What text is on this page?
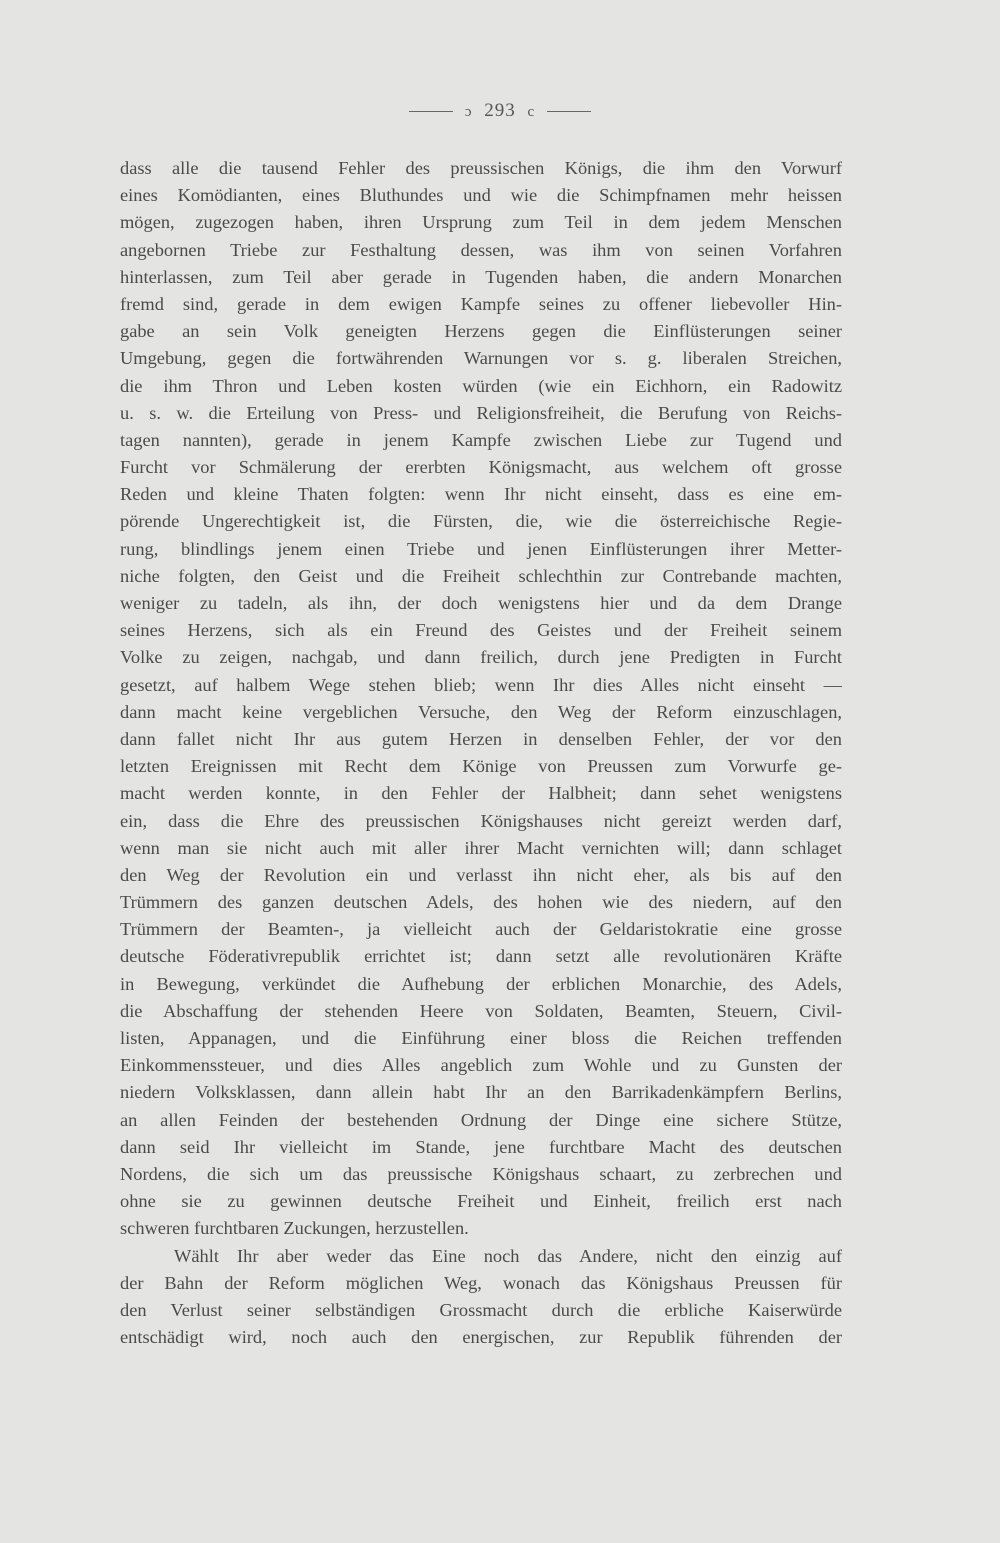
ɔ 293 c
dass alle die tausend Fehler des preussischen Königs, die ihm den Vorwurf
eines Komödianten, eines Bluthundes und wie die Schimpfnamen mehr heissen
mögen, zugezogen haben, ihren Ursprung zum Teil in dem jedem Menschen
angebornen Triebe zur Festhaltung dessen, was ihm von seinen Vorfahren
hinterlassen, zum Teil aber gerade in Tugenden haben, die andern Monarchen
fremd sind, gerade in dem ewigen Kampfe seines zu offener liebevoller Hin-
gabe an sein Volk geneigten Herzens gegen die Einflüsterungen seiner
Umgebung, gegen die fortwährenden Warnungen vor s. g. liberalen Streichen,
die ihm Thron und Leben kosten würden (wie ein Eichhorn, ein Radowitz
u. s. w. die Erteilung von Press- und Religionsfreiheit, die Berufung von Reichs-
tagen nannten), gerade in jenem Kampfe zwischen Liebe zur Tugend und
Furcht vor Schmälerung der ererbten Königsmacht, aus welchem oft grosse
Reden und kleine Thaten folgten: wenn Ihr nicht einseht, dass es eine em-
pörende Ungerechtigkeit ist, die Fürsten, die, wie die österreichische Regie-
rung, blindlings jenem einen Triebe und jenen Einflüsterungen ihrer Metter-
niche folgten, den Geist und die Freiheit schlechthin zur Contrebande machten,
weniger zu tadeln, als ihn, der doch wenigstens hier und da dem Drange
seines Herzens, sich als ein Freund des Geistes und der Freiheit seinem
Volke zu zeigen, nachgab, und dann freilich, durch jene Predigten in Furcht
gesetzt, auf halbem Wege stehen blieb; wenn Ihr dies Alles nicht einseht —
dann macht keine vergeblichen Versuche, den Weg der Reform einzuschlagen,
dann fallet nicht Ihr aus gutem Herzen in denselben Fehler, der vor den
letzten Ereignissen mit Recht dem Könige von Preussen zum Vorwurfe ge-
macht werden konnte, in den Fehler der Halbheit; dann sehet wenigstens
ein, dass die Ehre des preussischen Königshauses nicht gereizt werden darf,
wenn man sie nicht auch mit aller ihrer Macht vernichten will; dann schlaget
den Weg der Revolution ein und verlasst ihn nicht eher, als bis auf den
Trümmern des ganzen deutschen Adels, des hohen wie des niedern, auf den
Trümmern der Beamten-, ja vielleicht auch der Geldaristokratie eine grosse
deutsche Föderativrepublik errichtet ist; dann setzt alle revolutionären Kräfte
in Bewegung, verkündet die Aufhebung der erblichen Monarchie, des Adels,
die Abschaffung der stehenden Heere von Soldaten, Beamten, Steuern, Civil-
listen, Appanagen, und die Einführung einer bloss die Reichen treffenden
Einkommenssteuer, und dies Alles angeblich zum Wohle und zu Gunsten der
niedern Volksklassen, dann allein habt Ihr an den Barrikadenkämpfern Berlins,
an allen Feinden der bestehenden Ordnung der Dinge eine sichere Stütze,
dann seid Ihr vielleicht im Stande, jene furchtbare Macht des deutschen
Nordens, die sich um das preussische Königshaus schaart, zu zerbrechen und
ohne sie zu gewinnen deutsche Freiheit und Einheit, freilich erst nach
schweren furchtbaren Zuckungen, herzustellen.
Wählt Ihr aber weder das Eine noch das Andere, nicht den einzig auf
der Bahn der Reform möglichen Weg, wonach das Königshaus Preussen für
den Verlust seiner selbständigen Grossmacht durch die erbliche Kaiserwürde
entschädigt wird, noch auch den energischen, zur Republik führenden der
